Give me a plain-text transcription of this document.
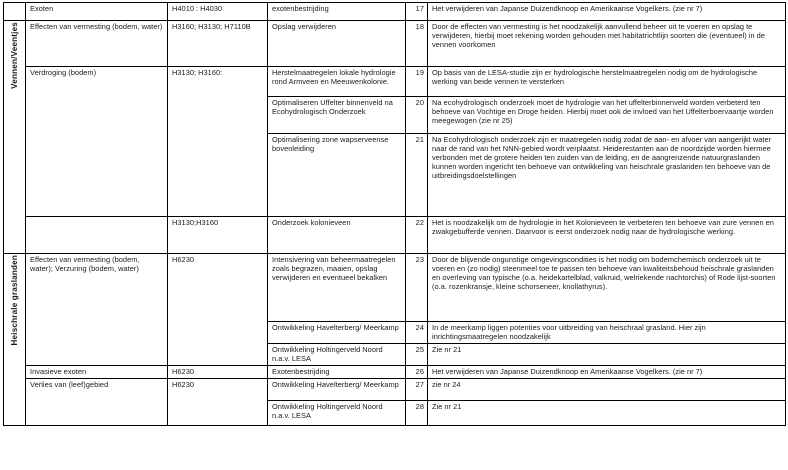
	Exoten	H4010 : H4030	exotenbestrijding	17	Het verwijderen van Japanse Duizendknoop en Amerikaanse Vogelkers. (zie nr 7)
Vennen/Veentjes	Effecten van vermesting (bodem, water)	H3160; H3130; H7110B	Opslag verwijderen	18	Door de effecten van vermesting is het noodzakelijk aanvullend beheer uit te voeren en opslag te verwijderen, hierbij moet rekening worden gehouden met habitatrichtlijn soorten die (eventueel) in de vennen voorkomen
	Verdroging (bodem)	H3130; H3160:	Herstelmaatregelen lokale hydrologie rond Armveen en Meeuwenkolonie.	19	Op basis van de LESA-studie zijn er hydrologische herstelmaatregelen nodig om de hydrologische werking van beide vennen te versterken
			Optimaliseren Uffelter binnenveld na Ecohydrologisch Onderzoek	20	Na ecohydrologisch onderzoek moet de hydrologie van het uffelterbinnenveld worden verbeterd ten behoeve van Vochtige en Droge heiden. Hierbij moet ook de invloed van het Uffelterboervaartje worden meegewogen (zie nr 25)
			Optimalisering zone wapserveense bovenleiding	21	Na Ecohydrologisch onderzoek zijn er maatregelen nodig zodat de aan- en afvoer van aangerijkt water naar de rand van het NNN-gebied wordt verplaatst. Heiderestanten aan de noordzijde worden hiermee verbonden met de grotere heiden ten zuiden van de leiding, en de aangrenzende natuurgraslanden kunnen worden ingericht ten behoeve van ontwikkeling van heischrale graslanden ten behoeve van de uitbreidingsdoelstellingen
		H3130;H3160	Onderzoek kolonieveen	22	Het is noodzakelijk om de hydrologie in het Kolonieveen te verbeteren ten behoeve van zure vennen en zwakgebufferde vennen. Daarvoor is eerst onderzoek nodig naar de hydrologische werking.
Heischrale graslanden	Effecten van vermesting (bodem, water); Verzuring (bodem, water)	H6230	Intensivering van beheermaatregelen zoals begrazen, maaien, opslag verwijderen en eventueel bekalken	23	Door de blijvende ongunstige omgevingscondities is het nodig om bodemchemisch onderzoek uit te voeren en (zo nodig) steenmeel toe te passen ten behoeve van kwaliteitsbehoud heischrale graslanden en overleving van typische (o.a. heidekartelblad, valkruid, welriekende nachtorchis) of Rode lijst-soorten (o.a. rozenkransje, kleine schorseneer, knollathyrus).
			Ontwikkeling Havelterberg/ Meerkamp	24	In de meerkamp liggen potenties voor uitbreiding van heischraal grasland. Hier zijn inrichtingsmaatregelen noodzakelijk
			Ontwikkeling Holtingerveld Noord n.a.v. LESA	25	Zie nr 21
	Invasieve exoten	H6230	Exotenbestrijding	26	Het verwijderen van Japanse Duizendknoop en Amerikaanse Vogelkers. (zie nr 7)
	Verlies van (leef)gebied	H6230	Ontwikkeling Havelterberg/ Meerkamp	27	zie nr 24
			Ontwikkeling Holtingerveld Noord n.a.v. LESA	28	Zie nr 21
